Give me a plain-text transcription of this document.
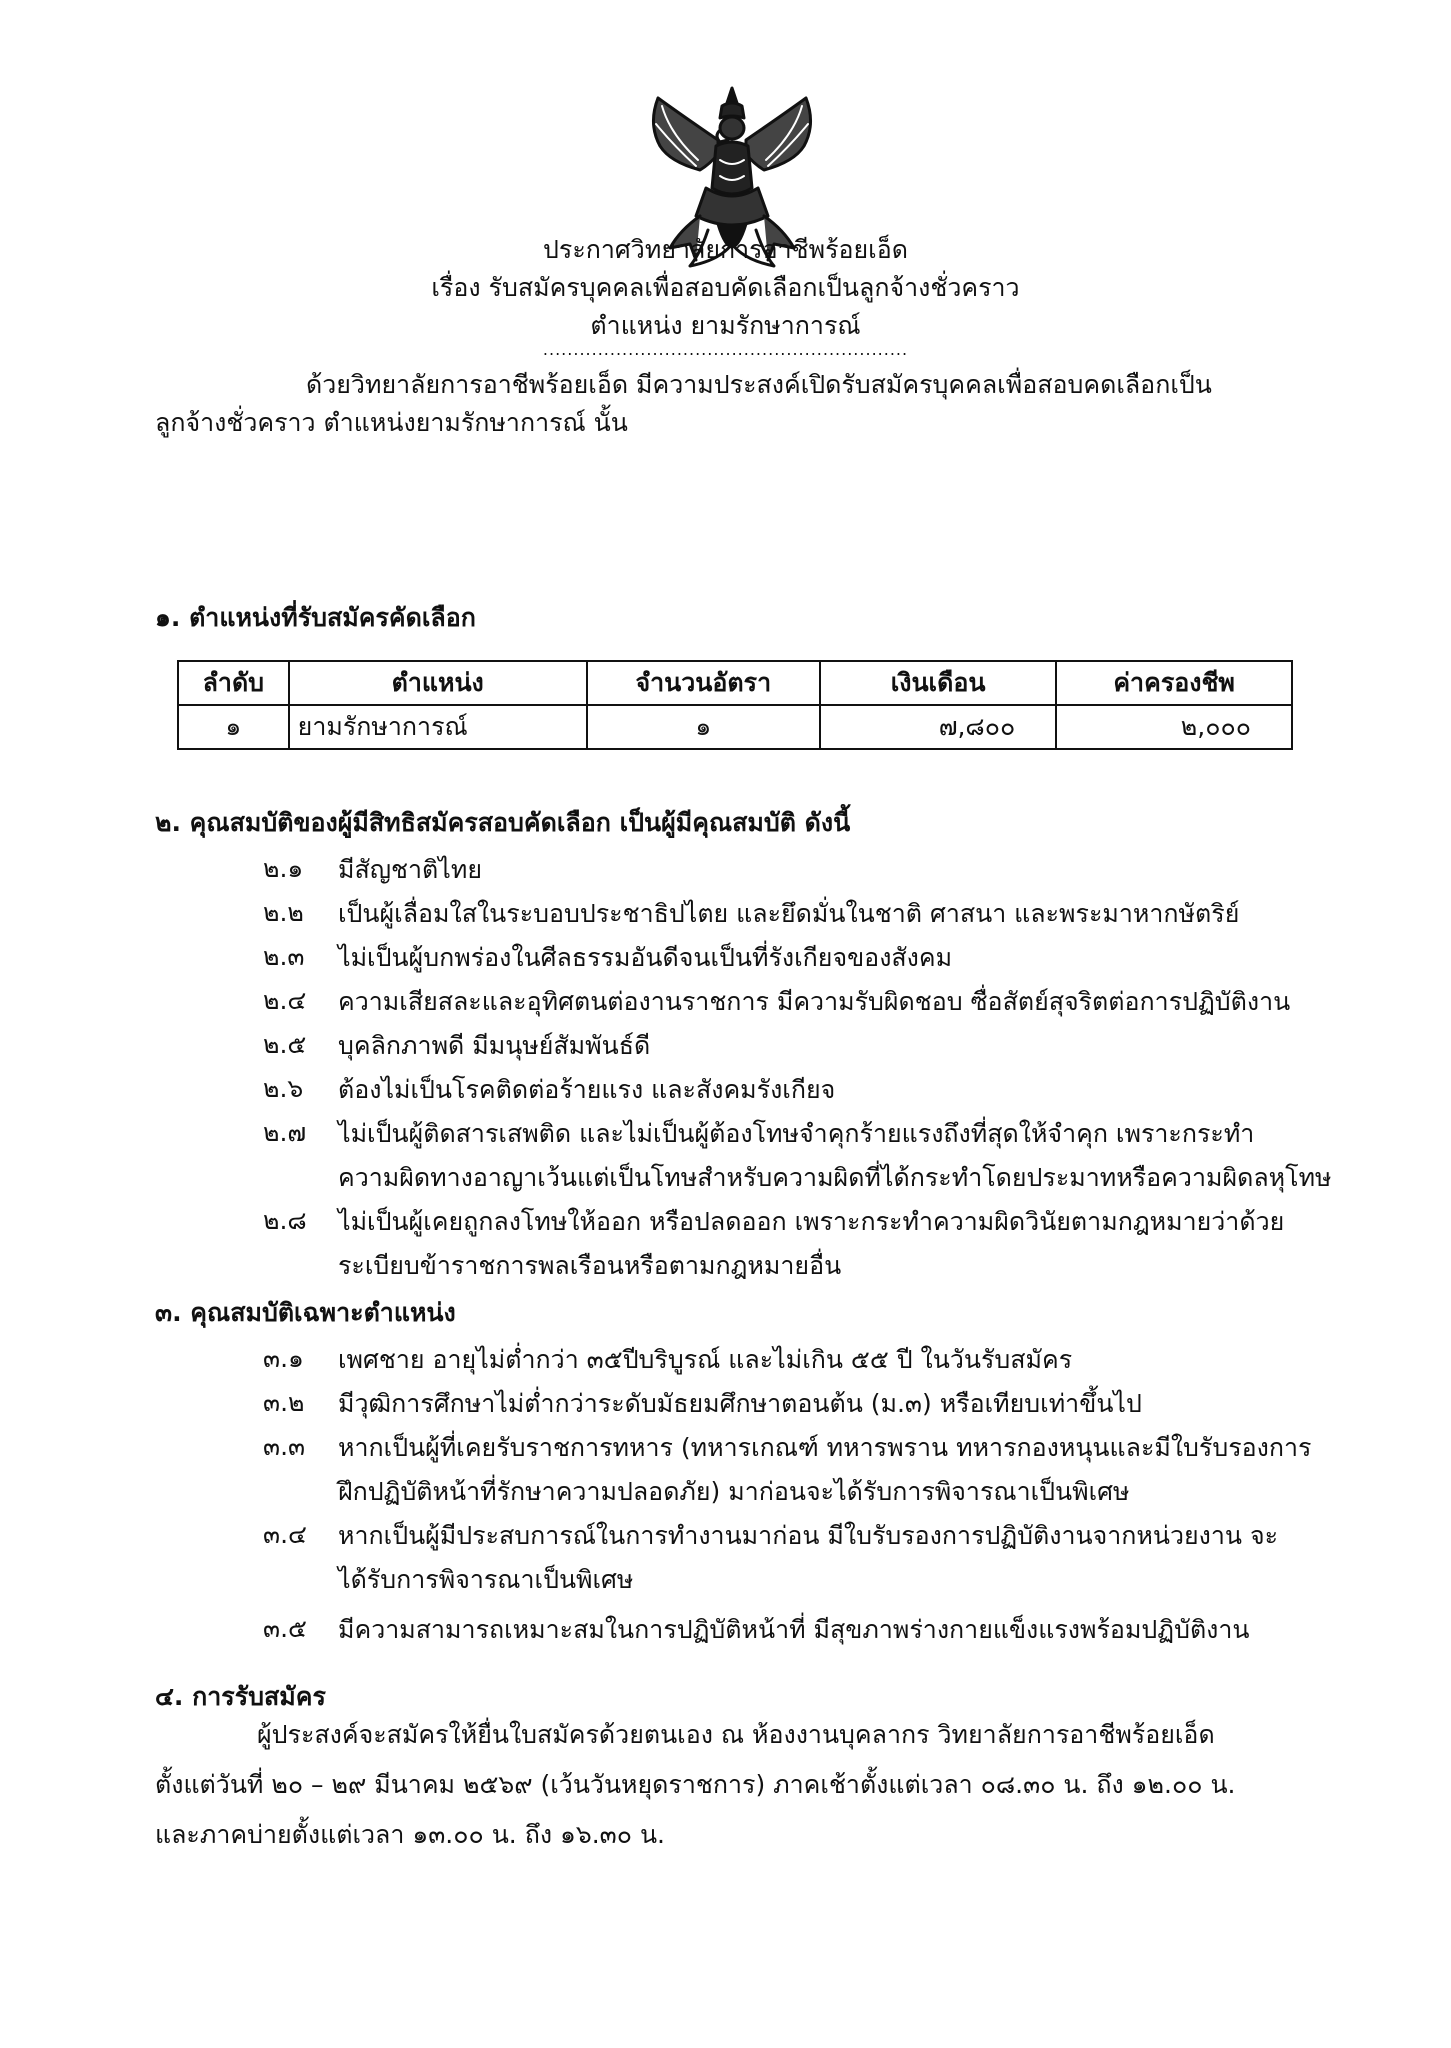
ประกาศวิทยาลัยการอาชีพร้อยเอ็ด
เรื่อง รับสมัครบุคคลเพื่อสอบคัดเลือกเป็นลูกจ้างชั่วคราว
ตำแหน่ง ยามรักษาการณ์
............................................................
ด้วยวิทยาลัยการอาชีพร้อยเอ็ด มีความประสงค์เปิดรับสมัครบุคคลเพื่อสอบคดเลือกเป็น
ลูกจ้างชั่วคราว ตำแหน่งยามรักษาการณ์ นั้น
๑. ตำแหน่งที่รับสมัครคัดเลือก
ลำดับ	ตำแหน่ง	จำนวนอัตรา	เงินเดือน	ค่าครองชีพ
๑	ยามรักษาการณ์	๑	๗,๘๐๐	๒,๐๐๐
๒. คุณสมบัติของผู้มีสิทธิสมัครสอบคัดเลือก เป็นผู้มีคุณสมบัติ ดังนี้
๒.๑	มีสัญชาติไทย
๒.๒	เป็นผู้เลื่อมใสในระบอบประชาธิปไตย และยึดมั่นในชาติ ศาสนา และพระมาหากษัตริย์
๒.๓	ไม่เป็นผู้บกพร่องในศีลธรรมอันดีจนเป็นที่รังเกียจของสังคม
๒.๔	ความเสียสละและอุทิศตนต่องานราชการ มีความรับผิดชอบ ซื่อสัตย์สุจริตต่อการปฏิบัติงาน
๒.๕	บุคลิกภาพดี มีมนุษย์สัมพันธ์ดี
๒.๖	ต้องไม่เป็นโรคติดต่อร้ายแรง และสังคมรังเกียจ
๒.๗	ไม่เป็นผู้ติดสารเสพติด และไม่เป็นผู้ต้องโทษจำคุกร้ายแรงถึงที่สุดให้จำคุก เพราะกระทำ
ความผิดทางอาญาเว้นแต่เป็นโทษสำหรับความผิดที่ได้กระทำโดยประมาทหรือความผิดลหุโทษ
๒.๘	ไม่เป็นผู้เคยถูกลงโทษให้ออก หรือปลดออก เพราะกระทำความผิดวินัยตามกฎหมายว่าด้วย
ระเบียบข้าราชการพลเรือนหรือตามกฎหมายอื่น
๓. คุณสมบัติเฉพาะตำแหน่ง
๓.๑	เพศชาย อายุไม่ต่ำกว่า ๓๕ปีบริบูรณ์ และไม่เกิน ๕๕ ปี ในวันรับสมัคร
๓.๒	มีวุฒิการศึกษาไม่ต่ำกว่าระดับมัธยมศึกษาตอนต้น (ม.๓) หรือเทียบเท่าขึ้นไป
๓.๓	หากเป็นผู้ที่เคยรับราชการทหาร (ทหารเกณฑ์ ทหารพราน ทหารกองหนุนและมีใบรับรองการ
ฝึกปฏิบัติหน้าที่รักษาความปลอดภัย) มาก่อนจะได้รับการพิจารณาเป็นพิเศษ
๓.๔	หากเป็นผู้มีประสบการณ์ในการทำงานมาก่อน มีใบรับรองการปฏิบัติงานจากหน่วยงาน จะ
ได้รับการพิจารณาเป็นพิเศษ
๓.๕	มีความสามารถเหมาะสมในการปฏิบัติหน้าที่ มีสุขภาพร่างกายแข็งแรงพร้อมปฏิบัติงาน
๔. การรับสมัคร
ผู้ประสงค์จะสมัครให้ยื่นใบสมัครด้วยตนเอง ณ ห้องงานบุคลากร วิทยาลัยการอาชีพร้อยเอ็ด
ตั้งแต่วันที่ ๒๐ – ๒๙ มีนาคม ๒๕๖๙ (เว้นวันหยุดราชการ) ภาคเช้าตั้งแต่เวลา ๐๘.๓๐ น. ถึง ๑๒.๐๐ น.
และภาคบ่ายตั้งแต่เวลา ๑๓.๐๐ น. ถึง ๑๖.๓๐ น.
